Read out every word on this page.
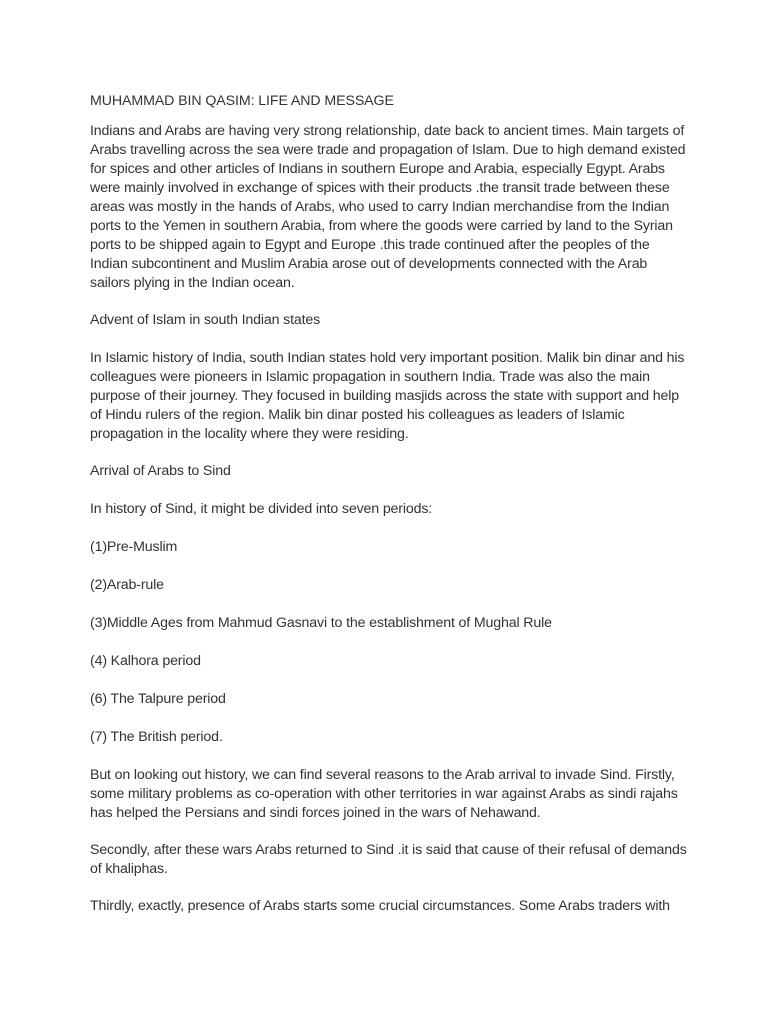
MUHAMMAD BIN QASIM: LIFE AND MESSAGE

Indians and Arabs are having very strong relationship, date back to ancient times. Main targets of Arabs travelling across the sea were trade and propagation of Islam. Due to high demand existed for spices and other articles of Indians in southern Europe and Arabia, especially Egypt. Arabs were mainly involved in exchange of spices with their products .the transit trade between these areas was mostly in the hands of Arabs, who used to carry Indian merchandise from the Indian ports to the Yemen in southern Arabia, from where the goods were carried by land to the Syrian ports to be shipped again to Egypt and Europe .this trade continued after the peoples of the Indian subcontinent and Muslim Arabia arose out of developments connected with the Arab sailors plying in the Indian ocean.

Advent of Islam in south Indian states

In Islamic history of India, south Indian states hold very important position. Malik bin dinar and his colleagues were pioneers in Islamic propagation in southern India. Trade was also the main purpose of their journey. They focused in building masjids across the state with support and help of Hindu rulers of the region. Malik bin dinar posted his colleagues as leaders of Islamic propagation in the locality where they were residing.

Arrival of Arabs to Sind

In history of Sind, it might be divided into seven periods:

(1)Pre-Muslim

(2)Arab-rule

(3)Middle Ages from Mahmud Gasnavi to the establishment of Mughal Rule

(4) Kalhora period

(6) The Talpure period

(7) The British period.

But on looking out history, we can find several reasons to the Arab arrival to invade Sind. Firstly, some military problems as co-operation with other territories in war against Arabs as sindi rajahs has helped the Persians and sindi forces joined in the wars of Nehawand.

Secondly, after these wars Arabs returned to Sind .it is said that cause of their refusal of demands of khaliphas.

Thirdly, exactly, presence of Arabs starts some crucial circumstances. Some Arabs traders with
